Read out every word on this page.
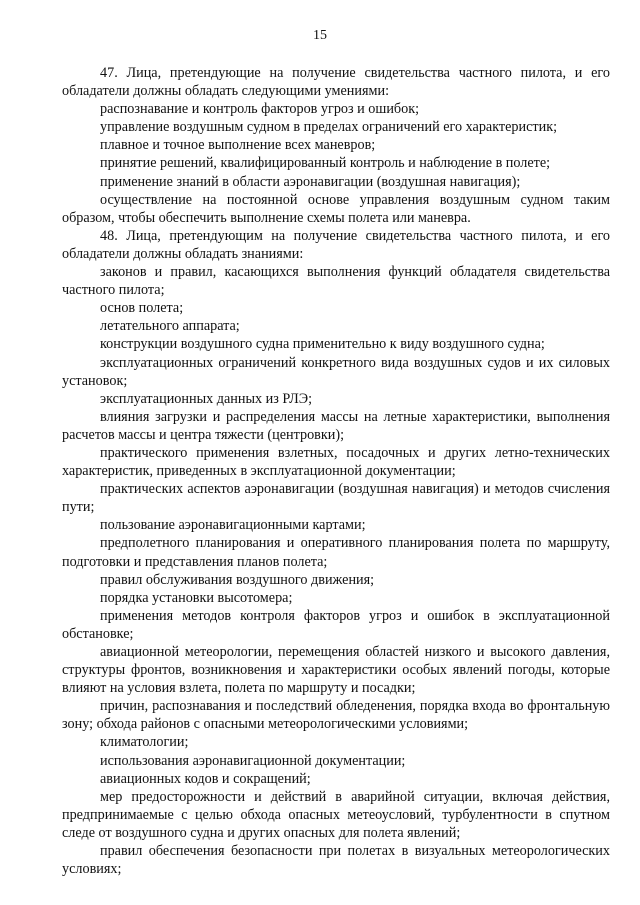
15

47. Лица, претендующие на получение свидетельства частного пилота, и его обладатели должны обладать следующими умениями:

распознавание и контроль факторов угроз и ошибок;

управление воздушным судном в пределах ограничений его характеристик;

плавное и точное выполнение всех маневров;

принятие решений, квалифицированный контроль и наблюдение в полете;

применение знаний в области аэронавигации (воздушная навигация);

осуществление на постоянной основе управления воздушным судном таким образом, чтобы обеспечить выполнение схемы полета или маневра.

48. Лица, претендующим на получение свидетельства частного пилота, и его обладатели должны обладать знаниями:

законов и правил, касающихся выполнения функций обладателя свидетельства частного пилота;

основ полета;

летательного аппарата;

конструкции воздушного судна применительно к виду воздушного судна;

эксплуатационных ограничений конкретного вида воздушных судов и их силовых установок;

эксплуатационных данных из РЛЭ;

влияния загрузки и распределения массы на летные характеристики, выполнения расчетов массы и центра тяжести (центровки);

практического применения взлетных, посадочных и других летно-технических характеристик, приведенных в эксплуатационной документации;

практических аспектов аэронавигации (воздушная навигация) и методов счисления пути;

пользование аэронавигационными картами;

предполетного планирования и оперативного планирования полета по маршруту, подготовки и представления планов полета;

правил обслуживания воздушного движения;

порядка установки высотомера;

применения методов контроля факторов угроз и ошибок в эксплуатационной обстановке;

авиационной метеорологии, перемещения областей низкого и высокого давления, структуры фронтов, возникновения и характеристики особых явлений погоды, которые влияют на условия взлета, полета по маршруту и посадки;

причин, распознавания и последствий обледенения, порядка входа во фронтальную зону; обхода районов с опасными метеорологическими условиями;

климатологии;

использования аэронавигационной документации;

авиационных кодов и сокращений;

мер предосторожности и действий в аварийной ситуации, включая действия, предпринимаемые с целью обхода опасных метеоусловий, турбулентности в спутном следе от воздушного судна и других опасных для полета явлений;

правил обеспечения безопасности при полетах в визуальных метеорологических условиях;
